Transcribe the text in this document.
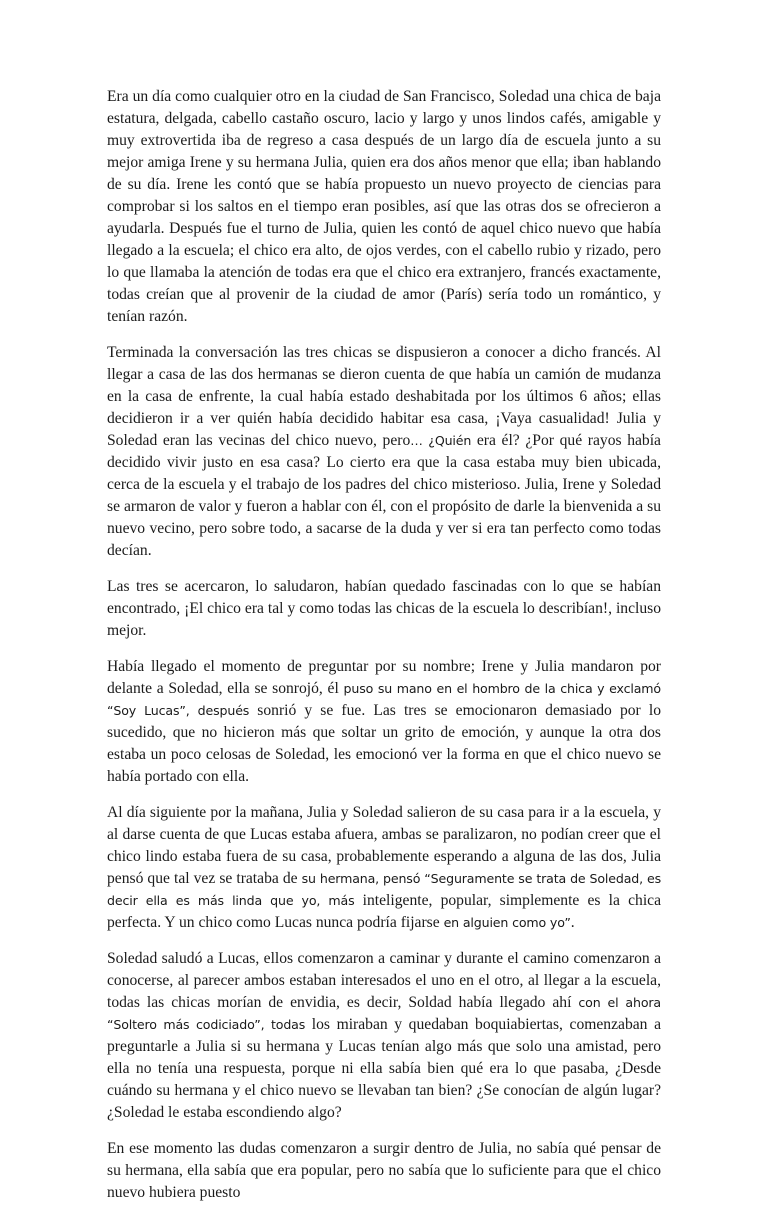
Era un día como cualquier otro en la ciudad de San Francisco, Soledad una chica de baja estatura, delgada, cabello castaño oscuro, lacio y largo y unos lindos cafés, amigable y muy extrovertida iba de regreso a casa después de un largo día de escuela junto a su mejor amiga Irene y su hermana Julia, quien era dos años menor que ella; iban hablando de su día. Irene les contó que se había propuesto un nuevo proyecto de ciencias para comprobar si los saltos en el tiempo eran posibles, así que las otras dos se ofrecieron a ayudarla. Después fue el turno de Julia, quien les contó de aquel chico nuevo que había llegado a la escuela; el chico era alto, de ojos verdes, con el cabello rubio y rizado, pero lo que llamaba la atención de todas era que el chico era extranjero, francés exactamente, todas creían que al provenir de la ciudad de amor (París) sería todo un romántico, y tenían razón.

Terminada la conversación las tres chicas se dispusieron a conocer a dicho francés. Al llegar a casa de las dos hermanas se dieron cuenta de que había un camión de mudanza en la casa de enfrente, la cual había estado deshabitada por los últimos 6 años; ellas decidieron ir a ver quién había decidido habitar esa casa, ¡Vaya casualidad! Julia y Soledad eran las vecinas del chico nuevo, pero… ¿Quién era él? ¿Por qué rayos había decidido vivir justo en esa casa? Lo cierto era que la casa estaba muy bien ubicada, cerca de la escuela y el trabajo de los padres del chico misterioso. Julia, Irene y Soledad se armaron de valor y fueron a hablar con él, con el propósito de darle la bienvenida a su nuevo vecino, pero sobre todo, a sacarse de la duda y ver si era tan perfecto como todas decían.

Las tres se acercaron, lo saludaron, habían quedado fascinadas con lo que se habían encontrado, ¡El chico era tal y como todas las chicas de la escuela lo describían!, incluso mejor.

Había llegado el momento de preguntar por su nombre; Irene y Julia mandaron por delante a Soledad, ella se sonrojó, él puso su mano en el hombro de la chica y exclamó “Soy Lucas”, después sonrió y se fue. Las tres se emocionaron demasiado por lo sucedido, que no hicieron más que soltar un grito de emoción, y aunque la otra dos estaba un poco celosas de Soledad, les emocionó ver la forma en que el chico nuevo se había portado con ella.

Al día siguiente por la mañana, Julia y Soledad salieron de su casa para ir a la escuela, y al darse cuenta de que Lucas estaba afuera, ambas se paralizaron, no podían creer que el chico lindo estaba fuera de su casa, probablemente esperando a alguna de las dos, Julia pensó que tal vez se trataba de su hermana, pensó “Seguramente se trata de Soledad, es decir ella es más linda que yo, más inteligente, popular, simplemente es la chica perfecta. Y un chico como Lucas nunca podría fijarse en alguien como yo”.

Soledad saludó a Lucas, ellos comenzaron a caminar y durante el camino comenzaron a conocerse, al parecer ambos estaban interesados el uno en el otro, al llegar a la escuela, todas las chicas morían de envidia, es decir, Soldad había llegado ahí con el ahora “Soltero más codiciado”, todas los miraban y quedaban boquiabiertas, comenzaban a preguntarle a Julia si su hermana y Lucas tenían algo más que solo una amistad, pero ella no tenía una respuesta, porque ni ella sabía bien qué era lo que pasaba, ¿Desde cuándo su hermana y el chico nuevo se llevaban tan bien? ¿Se conocían de algún lugar? ¿Soledad le estaba escondiendo algo?

En ese momento las dudas comenzaron a surgir dentro de Julia, no sabía qué pensar de su hermana, ella sabía que era popular, pero no sabía que lo suficiente para que el chico nuevo hubiera puesto
